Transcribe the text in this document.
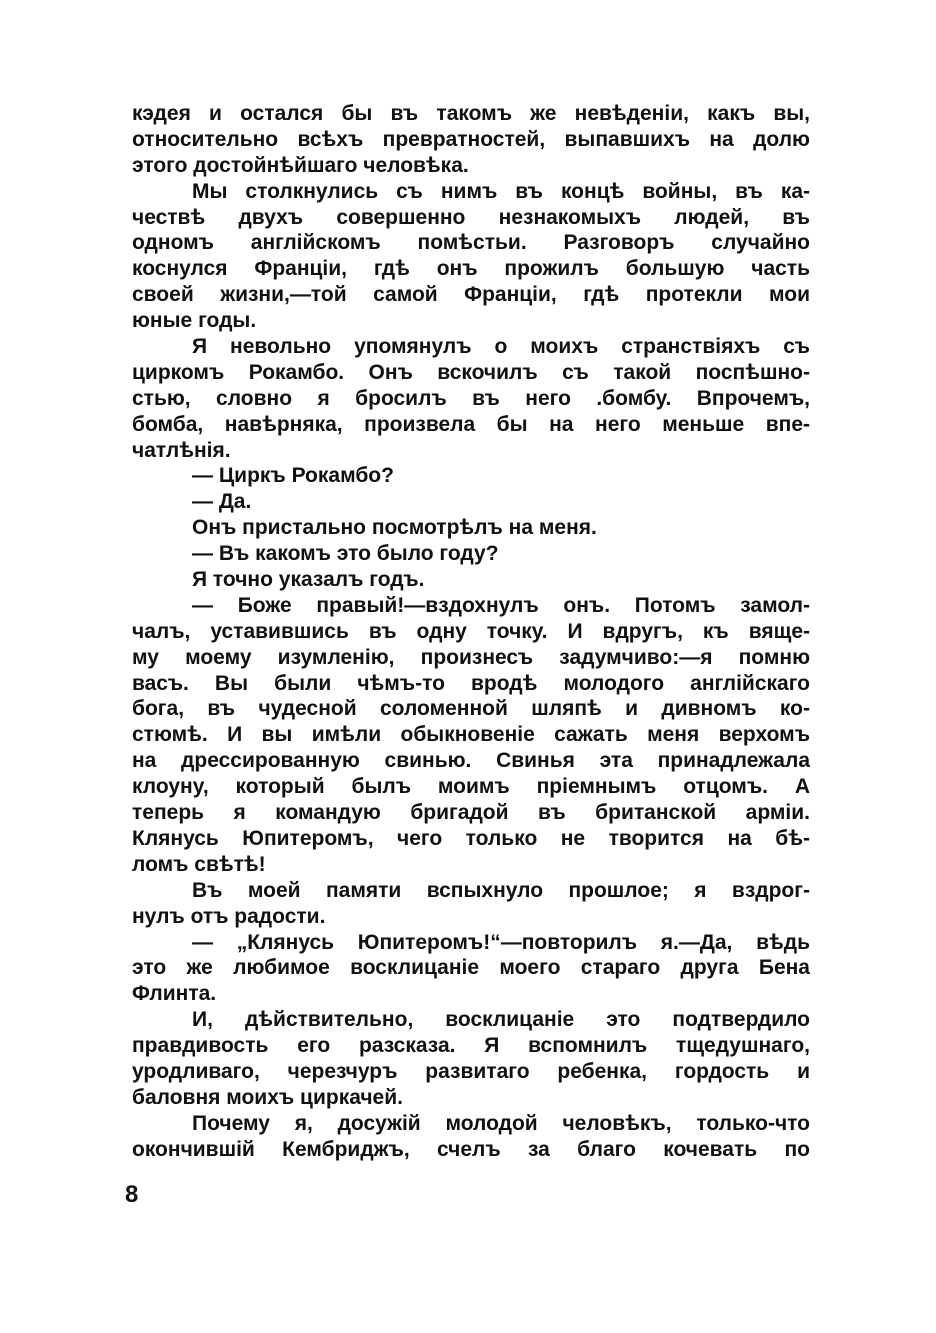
кэдея и остался бы въ такомъ же невѣденіи, какъ вы,
относительно всѣхъ превратностей, выпавшихъ на долю
этого достойнѣйшаго человѣка.
Мы столкнулись съ нимъ въ концѣ войны, въ ка-
чествѣ двухъ совершенно незнакомыхъ людей, въ
одномъ англійскомъ помѣстьи. Разговоръ случайно
коснулся Франціи, гдѣ онъ прожилъ большую часть
своей жизни,—той самой Франціи, гдѣ протекли мои
юные годы.
Я невольно упомянулъ о моихъ странствіяхъ съ
циркомъ Рокамбо. Онъ вскочилъ съ такой поспѣшно-
стью, словно я бросилъ въ него .бомбу. Впрочемъ,
бомба, навѣрняка, произвела бы на него меньше впе-
чатлѣнія.
— Циркъ Рокамбо?
— Да.
Онъ пристально посмотрѣлъ на меня.
— Въ какомъ это было году?
Я точно указалъ годъ.
— Боже правый!—вздохнулъ онъ. Потомъ замол-
чалъ, уставившись въ одну точку. И вдругъ, къ вяще-
му моему изумленію, произнесъ задумчиво:—я помню
васъ. Вы были чѣмъ-то вродѣ молодого англійскаго
бога, въ чудесной соломенной шляпѣ и дивномъ ко-
стюмѣ. И вы имѣли обыкновеніе сажать меня верхомъ
на дрессированную свинью. Свинья эта принадлежала
клоуну, который былъ моимъ пріемнымъ отцомъ. А
теперь я командую бригадой въ британской арміи.
Клянусь Юпитеромъ, чего только не творится на бѣ-
ломъ свѣтѣ!
Въ моей памяти вспыхнуло прошлое; я вздрог-
нулъ отъ радости.
— „Клянусь Юпитеромъ!“—повторилъ я.—Да, вѣдь
это же любимое восклицаніе моего стараго друга Бена
Флинта.
И, дѣйствительно, восклицаніе это подтвердило
правдивость его разсказа. Я вспомнилъ тщедушнаго,
уродливаго, черезчуръ развитаго ребенка, гордость и
баловня моихъ циркачей.
Почему я, досужій молодой человѣкъ, только-что
окончившій Кембриджъ, счелъ за благо кочевать по
8
